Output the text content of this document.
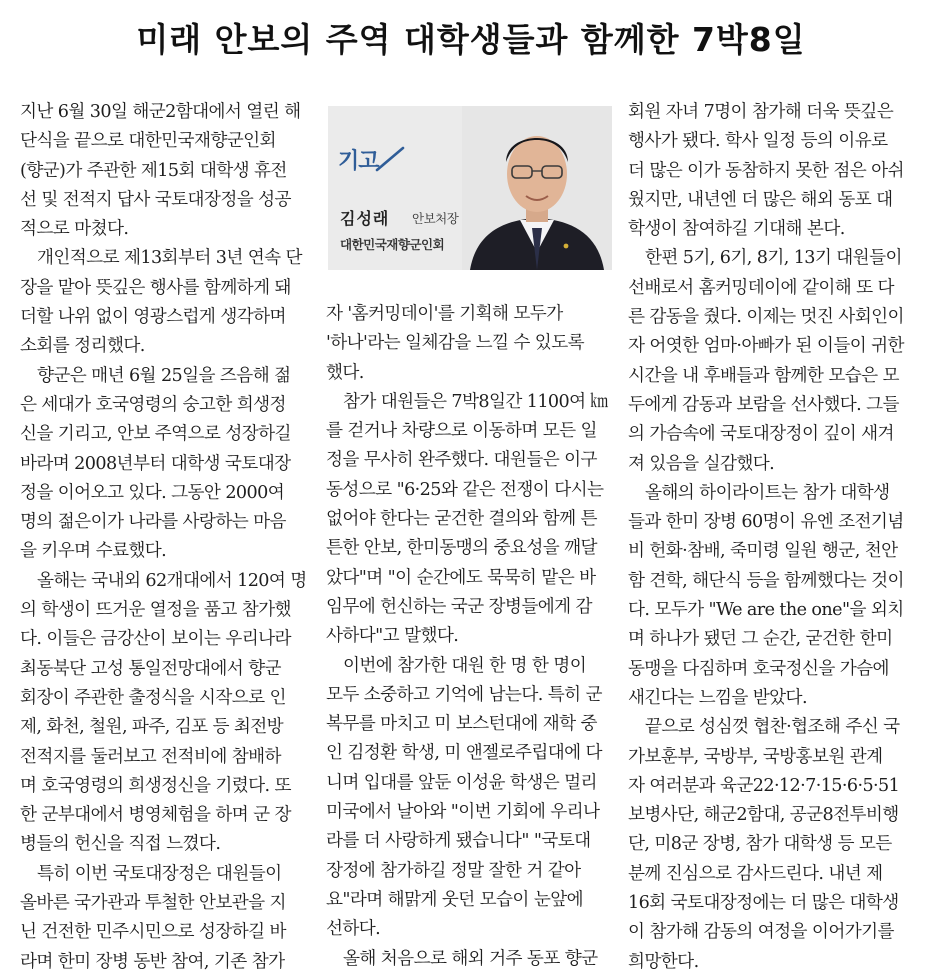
미래 안보의 주역 대학생들과 함께한 7박8일
지난 6월 30일 해군2함대에서 열린 해
단식을 끝으로 대한민국재향군인회
(향군)가 주관한 제15회 대학생 휴전
선 및 전적지 답사 국토대장정을 성공
적으로 마쳤다.
개인적으로 제13회부터 3년 연속 단
장을 맡아 뜻깊은 행사를 함께하게 돼
더할 나위 없이 영광스럽게 생각하며
소회를 정리했다.
향군은 매년 6월 25일을 즈음해 젊
은 세대가 호국영령의 숭고한 희생정
신을 기리고, 안보 주역으로 성장하길
바라며 2008년부터 대학생 국토대장
정을 이어오고 있다. 그동안 2000여
명의 젊은이가 나라를 사랑하는 마음
을 키우며 수료했다.
올해는 국내외 62개대에서 120여 명
의 학생이 뜨거운 열정을 품고 참가했
다. 이들은 금강산이 보이는 우리나라
최동북단 고성 통일전망대에서 향군
회장이 주관한 출정식을 시작으로 인
제, 화천, 철원, 파주, 김포 등 최전방
전적지를 둘러보고 전적비에 참배하
며 호국영령의 희생정신을 기렸다. 또
한 군부대에서 병영체험을 하며 군 장
병들의 헌신을 직접 느꼈다.
특히 이번 국토대장정은 대원들이
올바른 국가관과 투철한 안보관을 지
닌 건전한 민주시민으로 성장하길 바
라며 한미 장병 동반 참여, 기존 참가
기고
김성래 안보처장
대한민국재향군인회
자 '홈커밍데이'를 기획해 모두가
'하나'라는 일체감을 느낄 수 있도록
했다.
참가 대원들은 7박8일간 1100여 ㎞
를 걷거나 차량으로 이동하며 모든 일
정을 무사히 완주했다. 대원들은 이구
동성으로 "6·25와 같은 전쟁이 다시는
없어야 한다는 굳건한 결의와 함께 튼
튼한 안보, 한미동맹의 중요성을 깨달
았다"며 "이 순간에도 묵묵히 맡은 바
임무에 헌신하는 국군 장병들에게 감
사하다"고 말했다.
이번에 참가한 대원 한 명 한 명이
모두 소중하고 기억에 남는다. 특히 군
복무를 마치고 미 보스턴대에 재학 중
인 김정환 학생, 미 앤젤로주립대에 다
니며 입대를 앞둔 이성윤 학생은 멀리
미국에서 날아와 "이번 기회에 우리나
라를 더 사랑하게 됐습니다" "국토대
장정에 참가하길 정말 잘한 거 같아
요"라며 해맑게 웃던 모습이 눈앞에
선하다.
올해 처음으로 해외 거주 동포 향군
회원 자녀 7명이 참가해 더욱 뜻깊은
행사가 됐다. 학사 일정 등의 이유로
더 많은 이가 동참하지 못한 점은 아쉬
웠지만, 내년엔 더 많은 해외 동포 대
학생이 참여하길 기대해 본다.
한편 5기, 6기, 8기, 13기 대원들이
선배로서 홈커밍데이에 같이해 또 다
른 감동을 줬다. 이제는 멋진 사회인이
자 어엿한 엄마·아빠가 된 이들이 귀한
시간을 내 후배들과 함께한 모습은 모
두에게 감동과 보람을 선사했다. 그들
의 가슴속에 국토대장정이 깊이 새겨
져 있음을 실감했다.
올해의 하이라이트는 참가 대학생
들과 한미 장병 60명이 유엔 조전기념
비 헌화·참배, 죽미령 일원 행군, 천안
함 견학, 해단식 등을 함께했다는 것이
다. 모두가 "We are the one"을 외치
며 하나가 됐던 그 순간, 굳건한 한미
동맹을 다짐하며 호국정신을 가슴에
새긴다는 느낌을 받았다.
끝으로 성심껏 협찬·협조해 주신 국
가보훈부, 국방부, 국방홍보원 관계
자 여러분과 육군22·12·7·15·6·5·51
보병사단, 해군2함대, 공군8전투비행
단, 미8군 장병, 참가 대학생 등 모든
분께 진심으로 감사드린다. 내년 제
16회 국토대장정에는 더 많은 대학생
이 참가해 감동의 여정을 이어가기를
희망한다.
